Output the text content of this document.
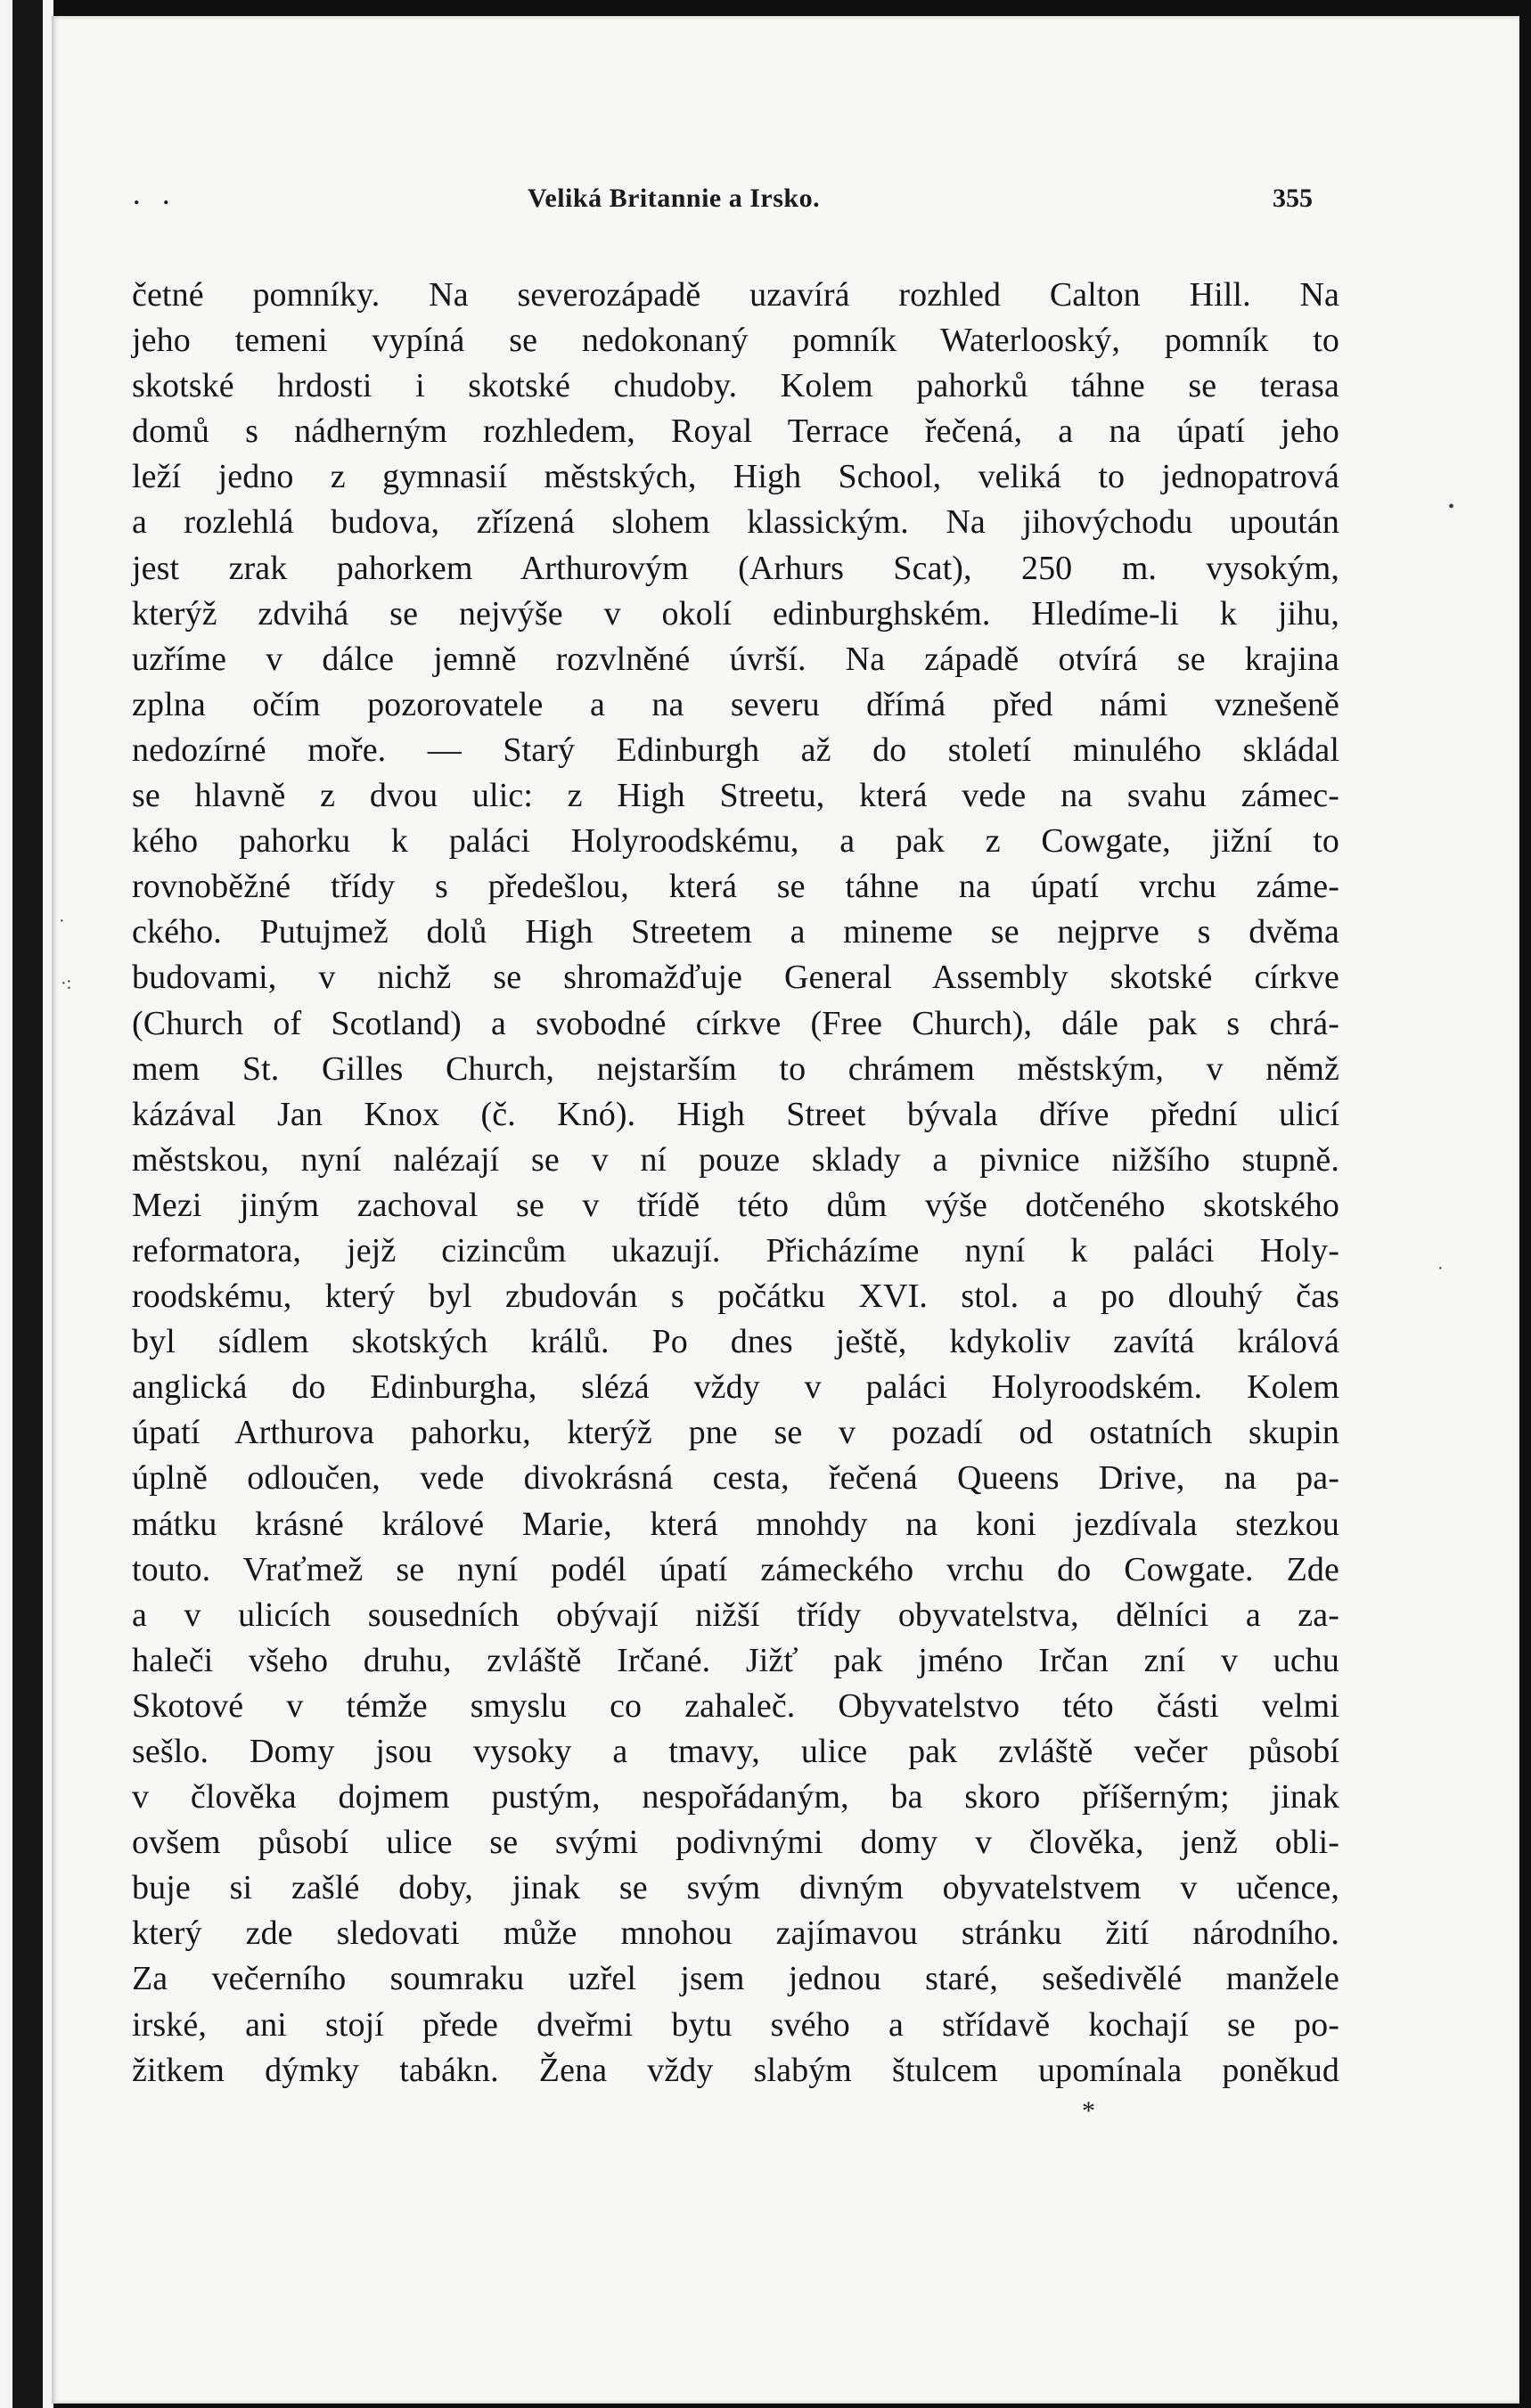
. .	Veliká Britannie a Irsko.	355
četné pomníky. Na severozápadě uzavírá rozhled Calton Hill. Na
jeho temeni vypíná se nedokonaný pomník Waterlooský, pomník to
skotské hrdosti i skotské chudoby. Kolem pahorků táhne se terasa
domů s nádherným rozhledem, Royal Terrace řečená, a na úpatí jeho
leží jedno z gymnasií městských, High School, veliká to jednopatrová
a rozlehlá budova, zřízená slohem klassickým. Na jihovýchodu upoután
jest zrak pahorkem Arthurovým (Arhurs Scat), 250 m. vysokým,
kterýž zdvihá se nejvýše v okolí edinburghském. Hledíme-li k jihu,
uzříme v dálce jemně rozvlněné úvrší. Na západě otvírá se krajina
zplna očím pozorovatele a na severu dřímá před námi vznešeně
nedozírné moře. — Starý Edinburgh až do století minulého skládal
se hlavně z dvou ulic: z High Streetu, která vede na svahu zámec-
kého pahorku k paláci Holyroodskému, a pak z Cowgate, jižní to
rovnoběžné třídy s předešlou, která se táhne na úpatí vrchu záme-
ckého. Putujmež dolů High Streetem a mineme se nejprve s dvěma
budovami, v nichž se shromažďuje General Assembly skotské církve
(Church of Scotland) a svobodné církve (Free Church), dále pak s chrá-
mem St. Gilles Church, nejstarším to chrámem městským, v němž
kázával Jan Knox (č. Knó). High Street bývala dříve přední ulicí
městskou, nyní nalézají se v ní pouze sklady a pivnice nižšího stupně.
Mezi jiným zachoval se v třídě této dům výše dotčeného skotského
reformatora, jejž cizincům ukazují. Přicházíme nyní k paláci Holy-
roodskému, který byl zbudován s počátku XVI. stol. a po dlouhý čas
byl sídlem skotských králů. Po dnes ještě, kdykoliv zavítá králová
anglická do Edinburgha, slézá vždy v paláci Holyroodském. Kolem
úpatí Arthurova pahorku, kterýž pne se v pozadí od ostatních skupin
úplně odloučen, vede divokrásná cesta, řečená Queens Drive, na pa-
mátku krásné králové Marie, která mnohdy na koni jezdívala stezkou
touto. Vraťmež se nyní podél úpatí zámeckého vrchu do Cowgate. Zde
a v ulicích sousedních obývají nižší třídy obyvatelstva, dělníci a za-
haleči všeho druhu, zvláště Irčané. Jižť pak jméno Irčan zní v uchu
Skotové v témže smyslu co zahaleč. Obyvatelstvo této části velmi
sešlo. Domy jsou vysoky a tmavy, ulice pak zvláště večer působí
v člověka dojmem pustým, nespořádaným, ba skoro příšerným; jinak
ovšem působí ulice se svými podivnými domy v člověka, jenž obli-
buje si zašlé doby, jinak se svým divným obyvatelstvem v učence,
který zde sledovati může mnohou zajímavou stránku žití národního.
Za večerního soumraku uzřel jsem jednou staré, sešedivělé manžele
irské, ani stojí přede dveřmi bytu svého a střídavě kochají se po-
žitkem dýmky tabákn. Žena vždy slabým štulcem upomínala poněkud
*
•
·
·
·:
